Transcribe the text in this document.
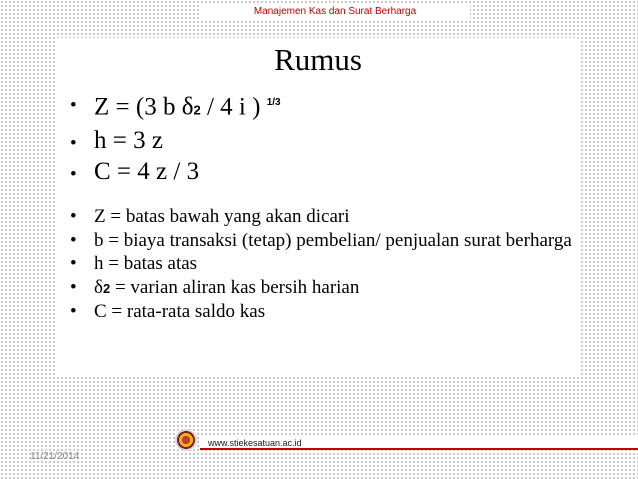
Manajemen Kas dan Surat Berharga
Rumus
• Z = (3 b δ2 / 4 i ) $^{1/3}$
• h = 3 z
• C = 4 z / 3
• Z = batas bawah yang akan dicari
• b = biaya transaksi (tetap) pembelian/ penjualan surat berharga
• h = batas atas
• δ2 = varian aliran kas bersih harian
• C = rata-rata saldo kas
www.stiekesatuan.ac.id
11/21/2014
